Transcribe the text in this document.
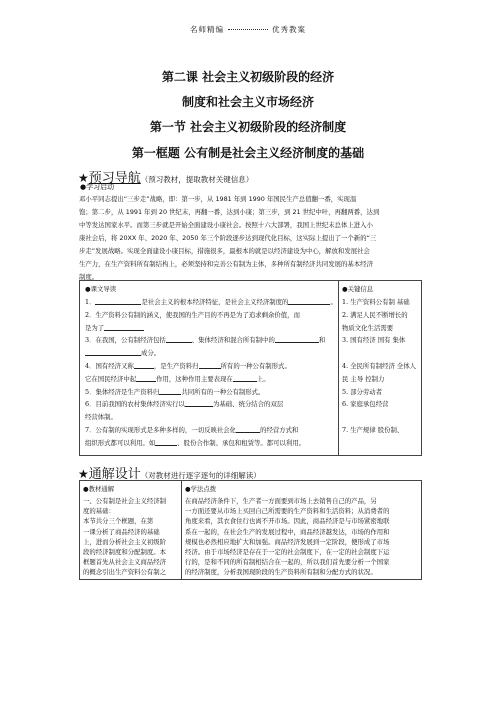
名师精编	优秀教案
第二课 社会主义初级阶段的经济
制度和社会主义市场经济
第一节 社会主义初级阶段的经济制度
第一框题 公有制是社会主义经济制度的基础
★预习导航（预习教材，提取教材关键信息）
●学习启动
邓小平同志提出“三步走”战略，即：第一步，从 1981 年到 1990 年国民生产总值翻一番，实现温
饱；第二步，从 1991 年到 20 世纪末，再翻一番，达到小康；第三步，到 21 世纪中叶，再翻两番，达到
中等发达国家水平。而第三步就是开始全面建设小康社会。按照十六大部署，我国上世纪末总体上进入小
康社会后，将 20XX 年、2020 年、2050 年三个阶段逐步达到现代化目标，这实际上提出了一个新的“三
步走”发展战略。实现全面建设小康目标，措施很多，最根本的就是以经济建设为中心，解放和发展社会
生产力，在生产资料所有制结构上，必须坚持和完善公有制为主体，多种所有制经济共同发展的基本经济
制度。
●课文导读
1．	是社会主义的根本经济特征，是社会主义经济制度的	。
2．生产资料公有制的涵义，使我国的生产目的不再是为了追求剩余价值，而
是为了
3．在我国，公有制经济包括	、集体经济和混合所有制中的	和
成分。
4．国有经济又称	，是生产资料归	所有的一种公有制形式。
它在国民经济中起	作用，这种作用主要表现在	上。
5．集体经济是生产资料归	共同所有的一种公有制形式。
6．目前我国的农村集体经济实行以	为基础、统分结合的双层
经营体制。
7．公有制的实现形式是多种多样的，一切反映社会化	的经营方式和
组织形式都可以利用。如	、股份合作制、承包和租赁等。都可以利用。
●关键信息
1. 生产资料公有制 基础
2. 满足人民不断增长的
物质文化生活需要
3. 国有经济 国有 集体
4. 全民所有制经济 全体人
民 主导 控制力
5. 部分劳动者
6. 家庭承包经营
7. 生产规律 股份制、
★通解设计（对教材进行逐字逐句的详细解读）
●教材通解
一、公有制是社会主义经济制
度的基础：
本节共分三个框题，在第
一课分析了商品经济的基础
上，进而分析社会主义初级阶
段的经济制度和分配制度。本
框题首先从社会主义商品经济
的概念引出生产资料公有制之
●学法点拨
在商品经济条件下，生产者一方面要到市场上去销售自己的产品，另
一方面还要从市场上买回自己所需要的生产资料和生活资料；从消费者的
角度来看，其衣食住行也离不开市场。因此，商品经济是与市场紧密地联
系在一起的，在社会生产的发展过程中，商品经济越发达，市场的作用和
规模也必然相应地扩大和加强。商品经济发展到一定阶段，便形成了市场
经济。由于市场经济是存在于一定的社会制度下，在一定的社会制度下运
行的，是和不同的所有制相结合在一起的，所以我们首先要分析一个国家
的经济制度，分析我国现阶段的生产资料所有制和分配方式的状况。
